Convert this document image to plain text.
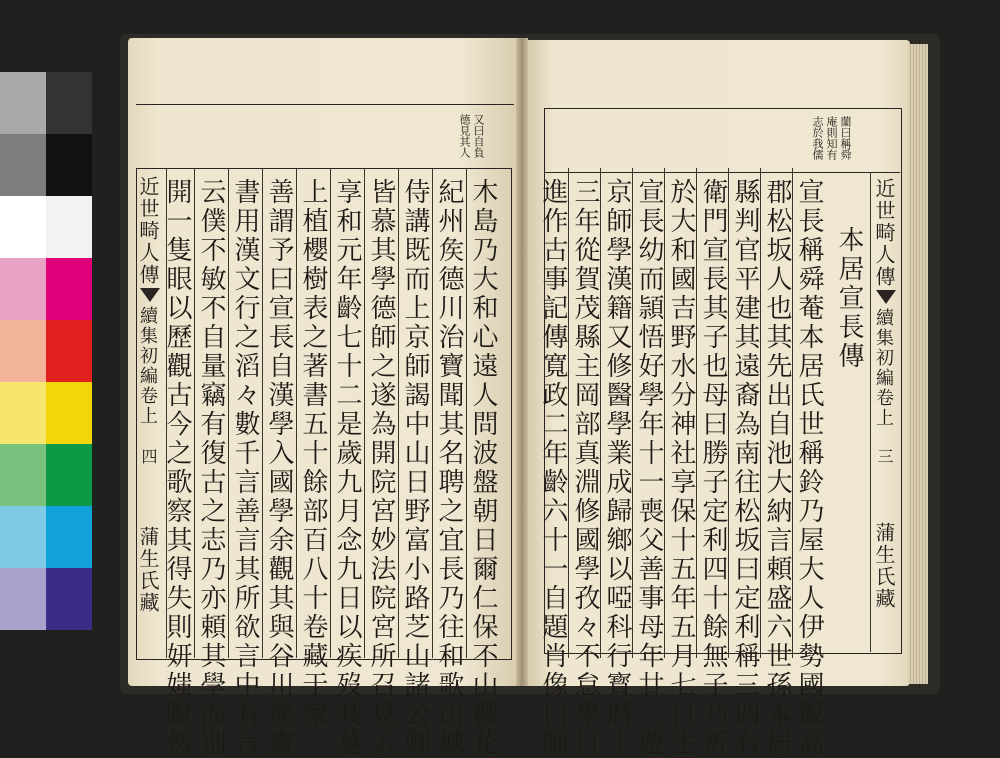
又曰自負
德見其人
近世畸人傳
續集初編卷上
四
蒲生氏藏	木島乃大和心遠人問波盤朝日爾仁保不山櫻花
紀州矦德川治寶聞其名聘之宜長乃往和歌山城
侍講既而上京師謁中山日野富小路芝山諸公卿
皆慕其學德師之遂為開院宮妙法院宮所召見云
享和元年齡七十二是歲九月念九日以疾歿其墓
上植櫻樹表之著書五十餘部百八十卷藏于家
善謂予曰宣長自漢學入國學余觀其與谷川淡齋
書用漢文行之滔々數千言善言其所欲言中有言
云僕不敏不自量竊有復古之志乃亦頼其學而別
開一隻眼以歷觀古今之歌察其得失則妍媸瞭然
蘭曰稱舜
庵則知有
志於我儒
近世畸人傳
續集初編卷上
三
蒲生氏藏
本居宣長傳
宣長稱舜菴本居氏世稱鈴乃屋大人伊勢國飯高
郡松坂人也其先出自池大納言頼盛六世孫本居
縣判官平建其遠裔為南往松坂曰定利稱三四右
衛門宣長其子也母曰勝子定利四十餘無子乃祈
於大和國吉野水分神社享保十五年五月七日生
宣長幼而頴悟好學年十一喪父善事母年廿三遊
京師學漢籍又修醫學業成歸鄉以啞科行寳曆十
三年從賀茂縣主岡部真淵修國學孜々不怠學日
進作古事記傳寬政二年齡六十一自題肖像曰師
